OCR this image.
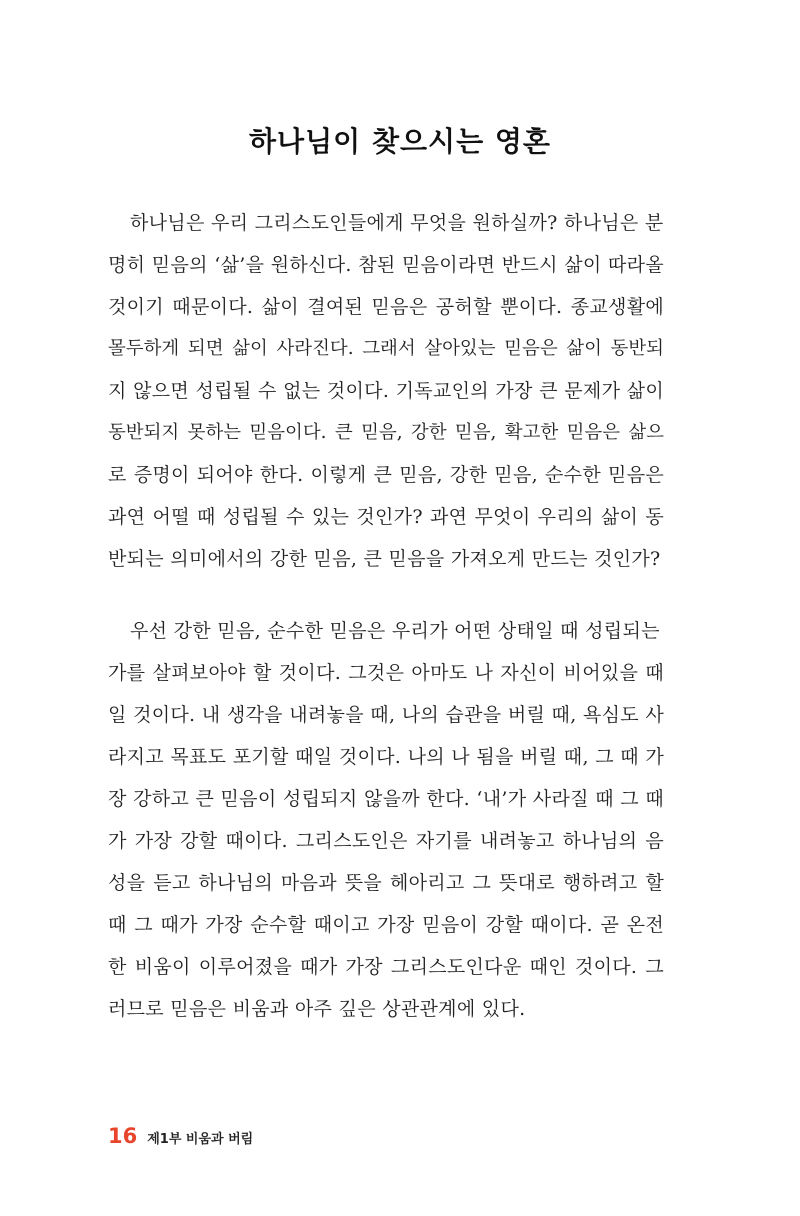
하나님이 찾으시는 영혼
하나님은 우리 그리스도인들에게 무엇을 원하실까? 하나님은 분
명히 믿음의 ‘삶’을 원하신다. 참된 믿음이라면 반드시 삶이 따라올
것이기 때문이다. 삶이 결여된 믿음은 공허할 뿐이다. 종교생활에
몰두하게 되면 삶이 사라진다. 그래서 살아있는 믿음은 삶이 동반되
지 않으면 성립될 수 없는 것이다. 기독교인의 가장 큰 문제가 삶이
동반되지 못하는 믿음이다. 큰 믿음, 강한 믿음, 확고한 믿음은 삶으
로 증명이 되어야 한다. 이렇게 큰 믿음, 강한 믿음, 순수한 믿음은
과연 어떨 때 성립될 수 있는 것인가? 과연 무엇이 우리의 삶이 동
반되는 의미에서의 강한 믿음, 큰 믿음을 가져오게 만드는 것인가?
우선 강한 믿음, 순수한 믿음은 우리가 어떤 상태일 때 성립되는
가를 살펴보아야 할 것이다. 그것은 아마도 나 자신이 비어있을 때
일 것이다. 내 생각을 내려놓을 때, 나의 습관을 버릴 때, 욕심도 사
라지고 목표도 포기할 때일 것이다. 나의 나 됨을 버릴 때, 그 때 가
장 강하고 큰 믿음이 성립되지 않을까 한다. ‘내’가 사라질 때 그 때
가 가장 강할 때이다. 그리스도인은 자기를 내려놓고 하나님의 음
성을 듣고 하나님의 마음과 뜻을 헤아리고 그 뜻대로 행하려고 할
때 그 때가 가장 순수할 때이고 가장 믿음이 강할 때이다. 곧 온전
한 비움이 이루어졌을 때가 가장 그리스도인다운 때인 것이다. 그
러므로 믿음은 비움과 아주 깊은 상관관계에 있다.
16 제1부 비움과 버림
